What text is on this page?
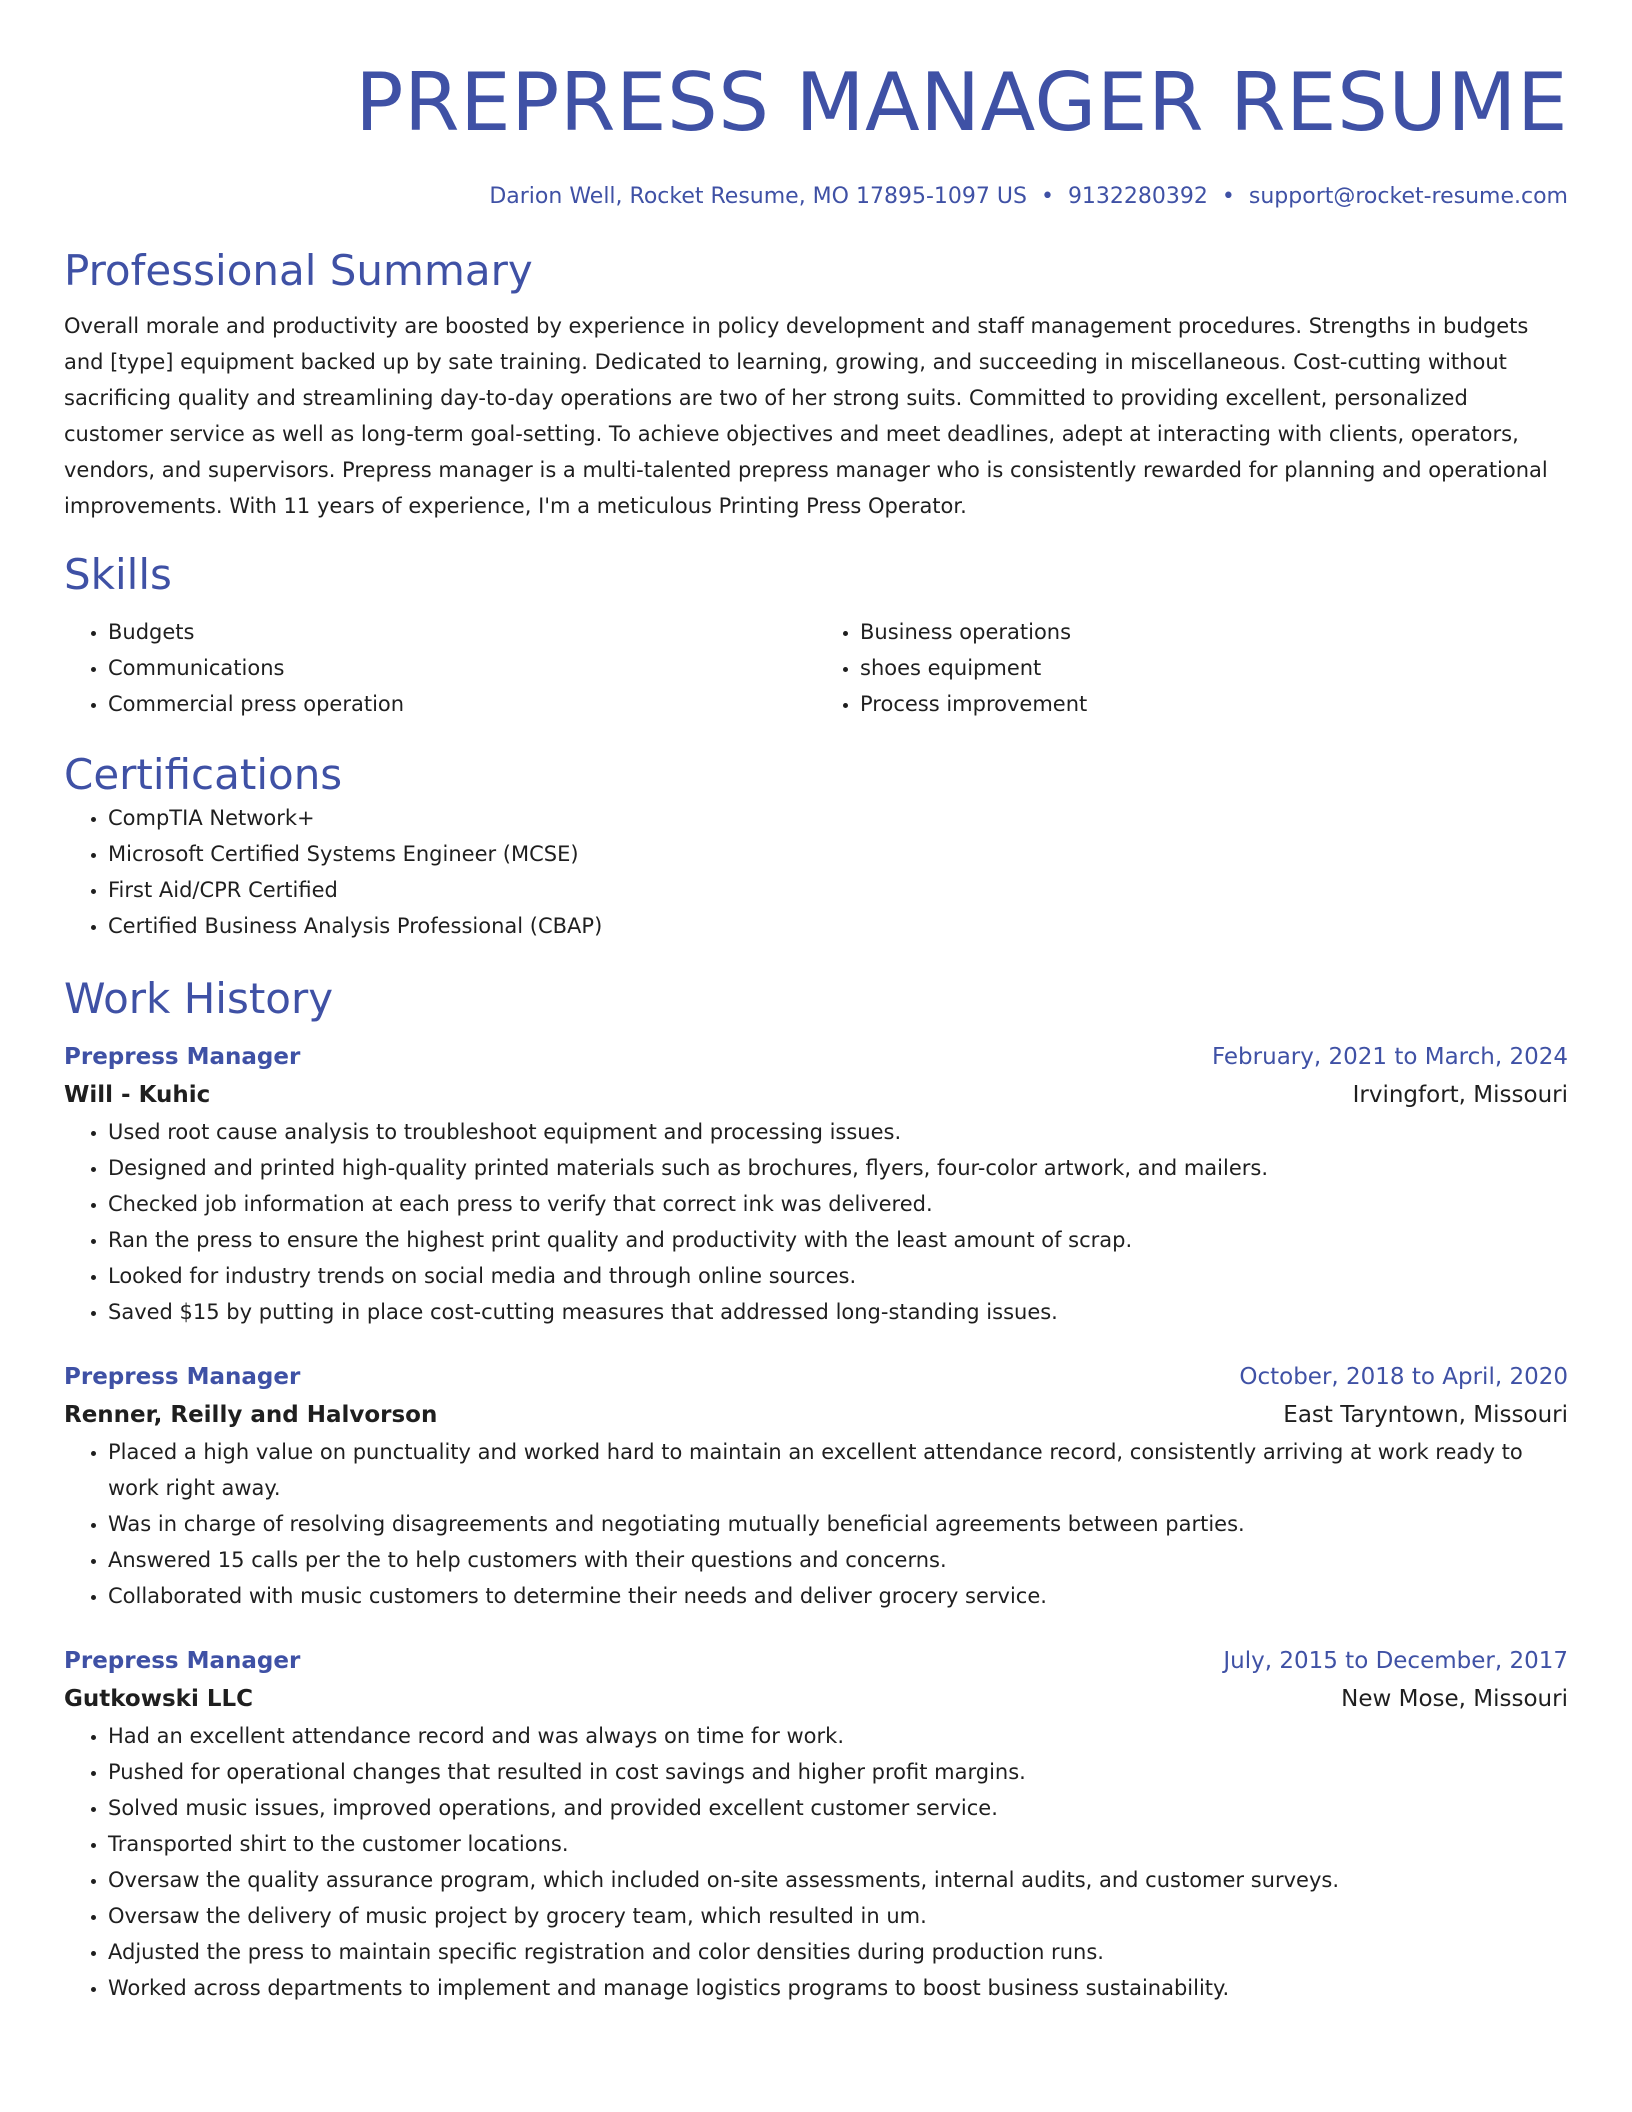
PREPRESS MANAGER RESUME
Darion Well, Rocket Resume, MO 17895-1097 US • 9132280392 • support@rocket-resume.com
Professional Summary

Overall morale and productivity are boosted by experience in policy development and staff management procedures. Strengths in budgets and [type] equipment backed up by sate training. Dedicated to learning, growing, and succeeding in miscellaneous. Cost-cutting without sacrificing quality and streamlining day-to-day operations are two of her strong suits. Committed to providing excellent, personalized customer service as well as long-term goal-setting. To achieve objectives and meet deadlines, adept at interacting with clients, operators, vendors, and supervisors. Prepress manager is a multi-talented prepress manager who is consistently rewarded for planning and operational improvements. With 11 years of experience, I'm a meticulous Printing Press Operator.

Skills
• Budgets
• Communications
• Commercial press operation
• Business operations
• shoes equipment
• Process improvement
Certifications
• CompTIA Network+
• Microsoft Certified Systems Engineer (MCSE)
• First Aid/CPR Certified
• Certified Business Analysis Professional (CBAP)
Work History
Prepress Manager	February, 2021 to March, 2024
Will - Kuhic	Irvingfort, Missouri
• Used root cause analysis to troubleshoot equipment and processing issues.
• Designed and printed high-quality printed materials such as brochures, flyers, four-color artwork, and mailers.
• Checked job information at each press to verify that correct ink was delivered.
• Ran the press to ensure the highest print quality and productivity with the least amount of scrap.
• Looked for industry trends on social media and through online sources.
• Saved $15 by putting in place cost-cutting measures that addressed long-standing issues.
Prepress Manager	October, 2018 to April, 2020
Renner, Reilly and Halvorson	East Taryntown, Missouri
• Placed a high value on punctuality and worked hard to maintain an excellent attendance record, consistently arriving at work ready to work right away.
• Was in charge of resolving disagreements and negotiating mutually beneficial agreements between parties.
• Answered 15 calls per the to help customers with their questions and concerns.
• Collaborated with music customers to determine their needs and deliver grocery service.
Prepress Manager	July, 2015 to December, 2017
Gutkowski LLC	New Mose, Missouri
• Had an excellent attendance record and was always on time for work.
• Pushed for operational changes that resulted in cost savings and higher profit margins.
• Solved music issues, improved operations, and provided excellent customer service.
• Transported shirt to the customer locations.
• Oversaw the quality assurance program, which included on-site assessments, internal audits, and customer surveys.
• Oversaw the delivery of music project by grocery team, which resulted in um.
• Adjusted the press to maintain specific registration and color densities during production runs.
• Worked across departments to implement and manage logistics programs to boost business sustainability.
